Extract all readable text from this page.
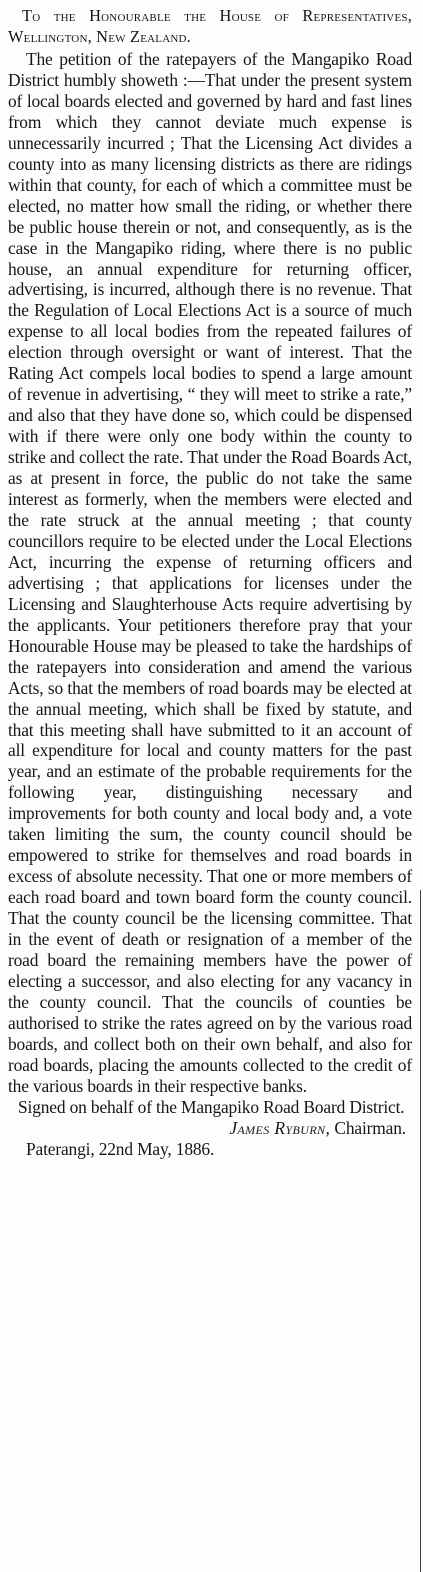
To the Honourable the House of Representatives, Wellington, New Zealand.

The petition of the ratepayers of the Mangapiko Road District humbly showeth :—That under the present system of local boards elected and governed by hard and fast lines from which they cannot deviate much expense is unnecessarily incurred ; That the Licensing Act divides a county into as many licensing districts as there are ridings within that county, for each of which a committee must be elected, no matter how small the riding, or whether there be public house therein or not, and consequently, as is the case in the Mangapiko riding, where there is no public house, an annual expenditure for returning officer, advertising, is incurred, although there is no revenue. That the Regulation of Local Elections Act is a source of much expense to all local bodies from the repeated failures of election through oversight or want of interest. That the Rating Act compels local bodies to spend a large amount of revenue in advertising, “ they will meet to strike a rate,” and also that they have done so, which could be dispensed with if there were only one body within the county to strike and collect the rate. That under the Road Boards Act, as at present in force, the public do not take the same interest as formerly, when the members were elected and the rate struck at the annual meeting ; that county councillors require to be elected under the Local Elections Act, incurring the expense of returning officers and advertising ; that applications for licenses under the Licensing and Slaughterhouse Acts require advertising by the applicants. Your petitioners therefore pray that your Honourable House may be pleased to take the hardships of the ratepayers into consideration and amend the various Acts, so that the members of road boards may be elected at the annual meeting, which shall be fixed by statute, and that this meeting shall have submitted to it an account of all expenditure for local and county matters for the past year, and an estimate of the probable requirements for the following year, distinguishing necessary and improvements for both county and local body and, a vote taken limiting the sum, the county council should be empowered to strike for themselves and road boards in excess of absolute necessity. That one or more members of each road board and town board form the county council. That the county council be the licensing committee. That in the event of death or resignation of a member of the road board the remaining members have the power of electing a successor, and also electing for any vacancy in the county council. That the councils of counties be authorised to strike the rates agreed on by the various road boards, and collect both on their own behalf, and also for road boards, placing the amounts collected to the credit of the various boards in their respective banks.

Signed on behalf of the Mangapiko Road Board District.

James Ryburn, Chairman.

Paterangi, 22nd May, 1886.
